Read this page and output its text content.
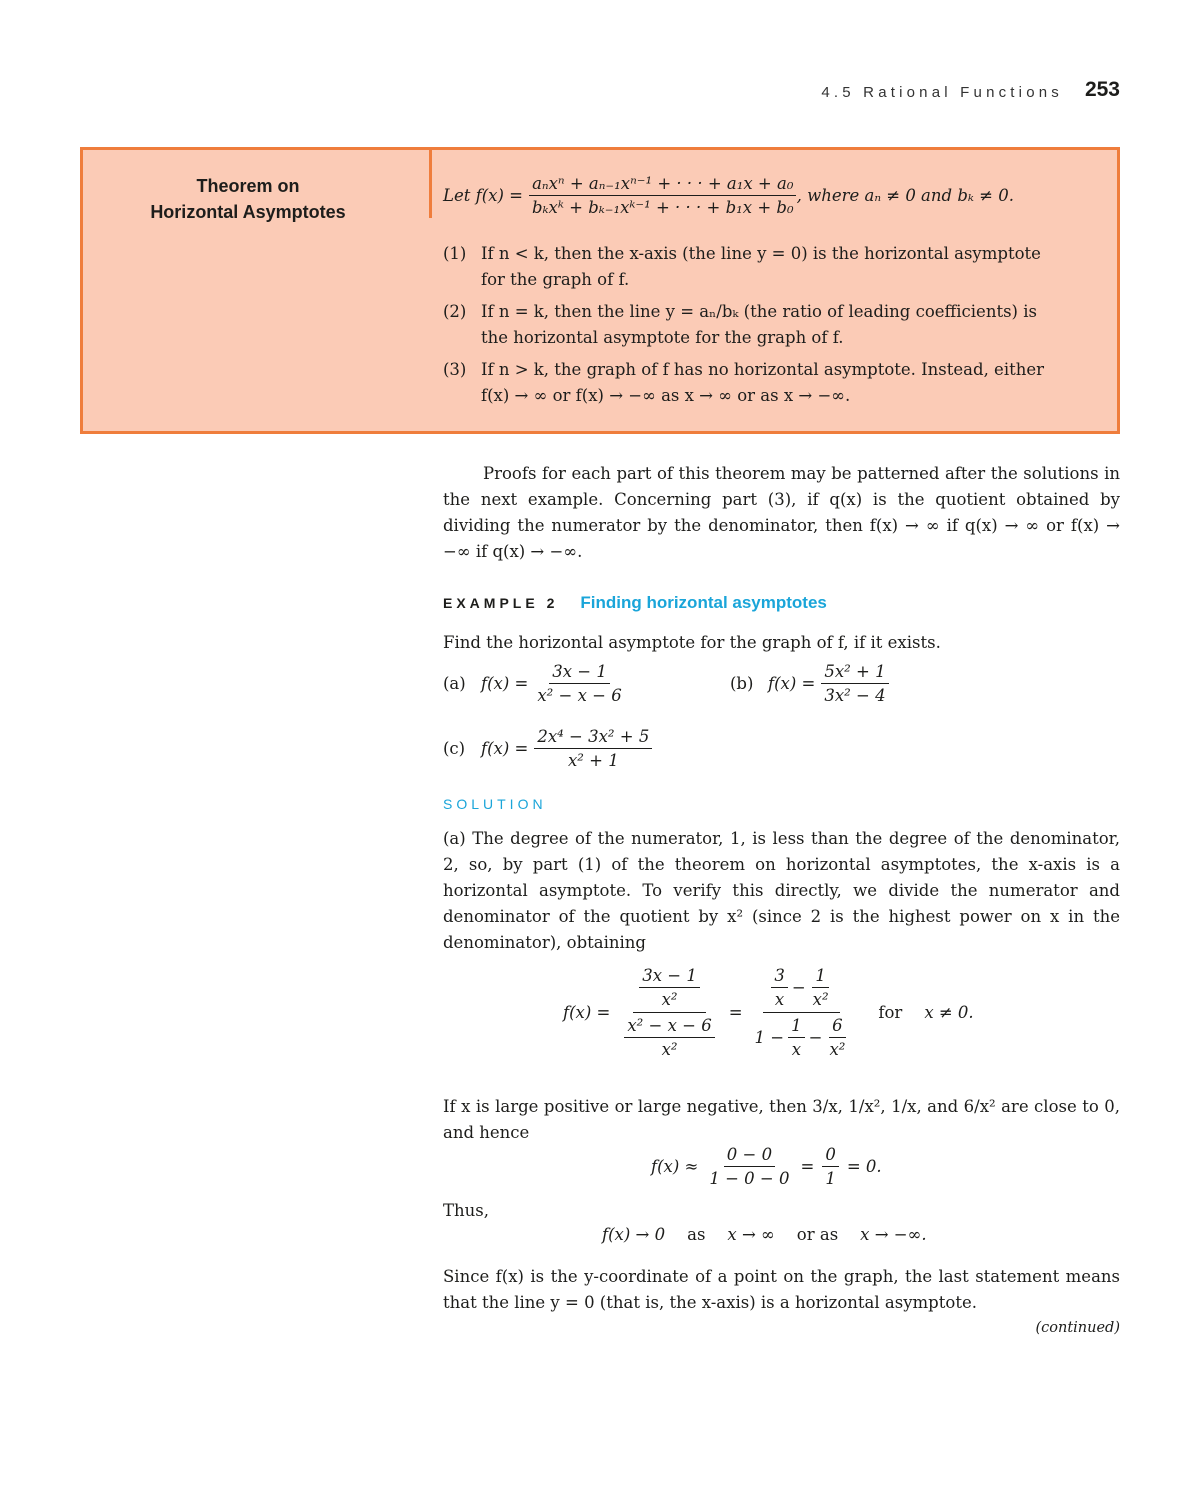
4.5 Rational Functions 253
Theorem on
Horizontal Asymptotes
Let $f(x) = \frac{\text{aₙxⁿ + aₙ₋₁xⁿ⁻¹ + · · · + a₁x + a₀}}{\text{bₖxᵏ + bₖ₋₁xᵏ⁻¹ + · · · + b₁x + b₀}}$ , where aₙ ≠ 0 and bₖ ≠ 0.
(1) If n < k, then the x-axis (the line y = 0) is the horizontal asymptote
for the graph of f.
(2) If n = k, then the line y = aₙ/bₖ (the ratio of leading coefficients) is
the horizontal asymptote for the graph of f.
(3) If n > k, the graph of f has no horizontal asymptote. Instead, either
f(x) → ∞ or f(x) → −∞ as x → ∞ or as x → −∞.
Proofs for each part of this theorem may be patterned after the solutions in the next example. Concerning part (3), if q(x) is the quotient obtained by dividing the numerator by the denominator, then f(x) → ∞ if q(x) → ∞ or f(x) → −∞ if q(x) → −∞.
EXAMPLE 2 Finding horizontal asymptotes
Find the horizontal asymptote for the graph of f, if it exists.
(a) $f(x) = \frac{3x - 1}{\text{x² − x − 6}}$	(b) $f(x) = \frac{\text{5x² + 1}}{\text{3x² − 4}}$
(c) $f(x) = \frac{\text{2x⁴ − 3x² + 5}}{\text{x² + 1}}$
SOLUTION
(a) The degree of the numerator, 1, is less than the degree of the denominator, 2, so, by part (1) of the theorem on horizontal asymptotes, the x-axis is a horizontal asymptote. To verify this directly, we divide the numerator and denominator of the quotient by x² (since 2 is the highest power on x in the denominator), obtaining
$f(x) = \frac{\frac{3x - 1}{\text{x²}}}{\frac{\text{x² − x − 6}}{\text{x²}}}$ =
$\frac{3}{x} - \frac{1}{\text{x²}}$
$1 - \frac{1}{x} - \frac{6}{\text{x²}}$
for x ≠ 0.
If x is large positive or large negative, then 3/x, 1/x², 1/x, and 6/x² are close to 0, and hence
$f(x) \approx \frac{0 - 0}{1 - 0 - 0} = \frac{0}{1} = 0$.
Thus,
f(x) → 0 as x → ∞ or as x → −∞.
Since f(x) is the y-coordinate of a point on the graph, the last statement means that the line y = 0 (that is, the x-axis) is a horizontal asymptote.
(continued)
